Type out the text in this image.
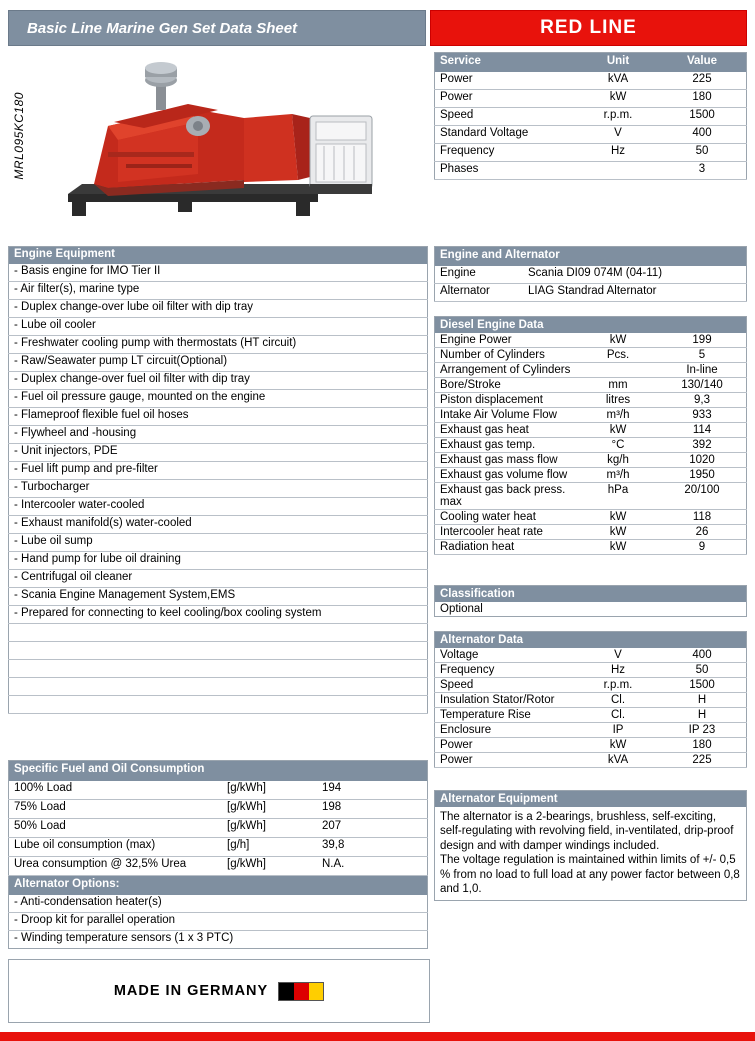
Basic Line Marine Gen Set Data Sheet	RED LINE
MRL095KC180
Service	Unit	Value
Power	kVA	225
Power	kW	180
Speed	r.p.m.	1500
Standard Voltage	V	400
Frequency	Hz	50
Phases		3
Engine Equipment
- Basis engine for IMO Tier II
- Air filter(s), marine type
- Duplex change-over lube oil filter with dip tray
- Lube oil cooler
- Freshwater cooling pump with thermostats (HT circuit)
- Raw/Seawater pump LT circuit(Optional)
- Duplex change-over fuel oil filter with dip tray
- Fuel oil pressure gauge, mounted on the engine
- Flameproof flexible fuel oil hoses
- Flywheel and -housing
- Unit injectors, PDE
- Fuel lift pump and pre-filter
- Turbocharger
- Intercooler water-cooled
- Exhaust manifold(s) water-cooled
- Lube oil sump
- Hand pump for lube oil draining
- Centrifugal oil cleaner
- Scania Engine Management System,EMS
- Prepared for connecting to keel cooling/box cooling system

Specific Fuel and Oil Consumption		
100% Load	[g/kWh]	194
75% Load	[g/kWh]	198
50% Load	[g/kWh]	207
Lube oil consumption (max)	[g/h]	39,8
Urea consumption @ 32,5% Urea	[g/kWh]	N.A.
Alternator Options:
- Anti-condensation heater(s)
- Droop kit for parallel operation
- Winding temperature sensors (1 x 3 PTC)
MADE IN GERMANY
Engine and Alternator	
Engine	Scania DI09 074M (04-11)
Alternator	LIAG Standrad Alternator
Diesel Engine Data		
Engine Power	kW	199
Number of Cylinders	Pcs.	5
Arrangement of Cylinders		In-line
Bore/Stroke	mm	130/140
Piston displacement	litres	9,3
Intake Air Volume Flow	m³/h	933
Exhaust gas heat	kW	114
Exhaust gas temp.	°C	392
Exhaust gas mass flow	kg/h	1020
Exhaust gas volume flow	m³/h	1950
Exhaust gas back press. max	hPa	20/100
Cooling water heat	kW	118
Intercooler heat rate	kW	26
Radiation heat	kW	9
Classification
Optional
Alternator Data		
Voltage	V	400
Frequency	Hz	50
Speed	r.p.m.	1500
Insulation Stator/Rotor	Cl.	H
Temperature Rise	Cl.	H
Enclosure	IP	IP 23
Power	kW	180
Power	kVA	225
Alternator Equipment
The alternator is a 2-bearings, brushless, self-exciting, self-regulating with revolving field, in-ventilated, drip-proof design and with damper windings included.
The voltage regulation is maintained within limits of +/- 0,5 % from no load to full load at any power factor between 0,8 and 1,0.
